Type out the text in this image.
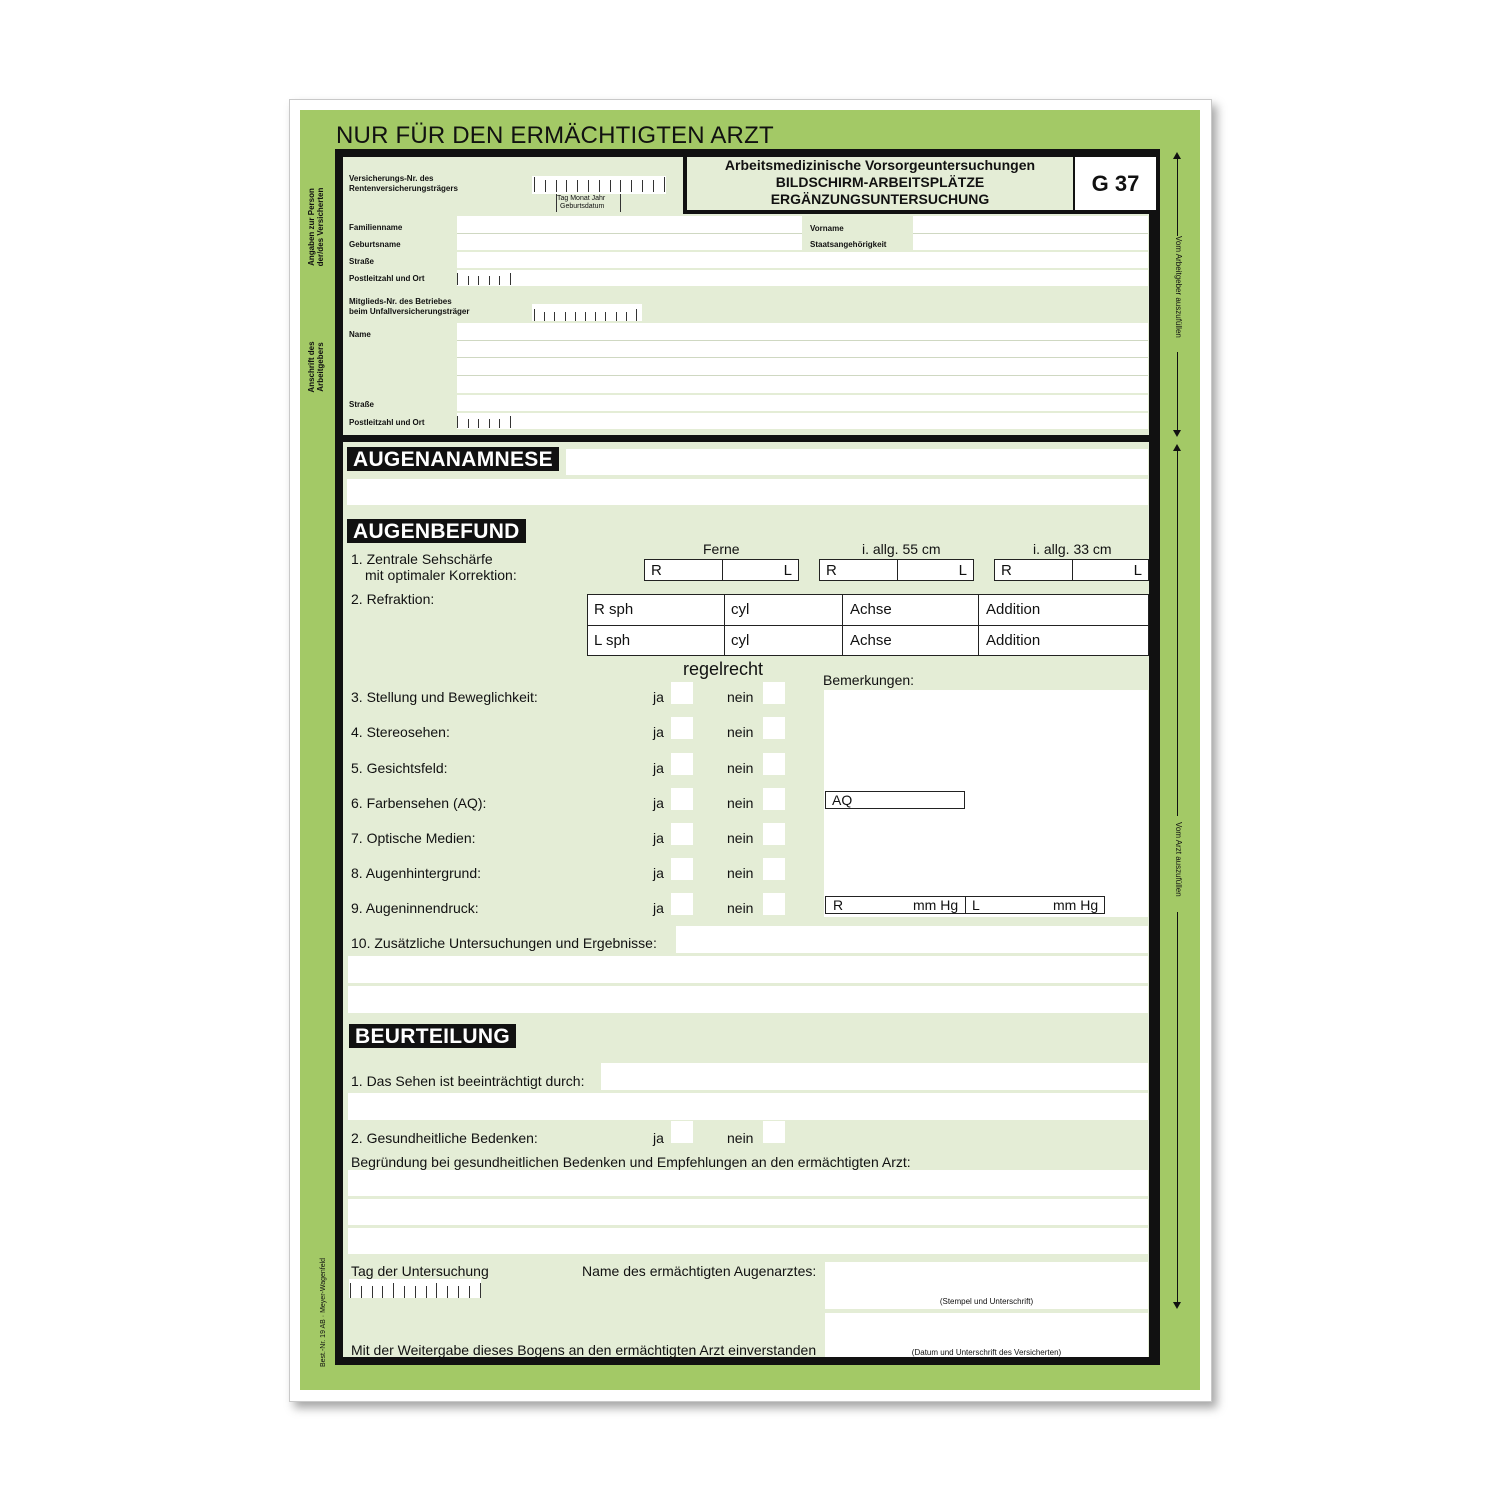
NUR FÜR DEN ERMÄCHTIGTEN ARZT
Angaben zur Person der/des Versicherten
Anschrift des Arbeitgebers
Vom Arbeitgeber auszufüllen
Vom Arzt auszufüllen
Best.-Nr. 19 AB · Meyer-Wagenfeld
Arbeitsmedizinische Vorsorgeuntersuchungen
BILDSCHIRM-ARBEITSPLÄTZE
ERGÄNZUNGSUNTERSUCHUNG
G 37
Versicherungs-Nr. des Rentenversicherungsträgers
Tag Monat Jahr
Geburtsdatum
Familienname	Vorname
Geburtsname	Staatsangehörigkeit
Straße
Postleitzahl und Ort
Mitglieds-Nr. des Betriebes
beim Unfallversicherungsträger
Name
Straße
Postleitzahl und Ort
AUGENANAMNESE
AUGENBEFUND
1. Zentrale Sehschärfe
mit optimaler Korrektion:
Ferne	i. allg. 55 cm	i. allg. 33 cm
R	L R	L R	L
2. Refraktion:
R sph	cyl	Achse	Addition
L sph	cyl	Achse	Addition
regelrecht
Bemerkungen:
AQ
R	mm Hg L	mm Hg
3. Stellung und Beweglichkeit:	ja	nein
4. Stereosehen:	ja	nein
5. Gesichtsfeld:	ja	nein
6. Farbensehen (AQ):	ja	nein
7. Optische Medien:	ja	nein
8. Augenhintergrund:	ja	nein
9. Augeninnendruck:	ja	nein
10. Zusätzliche Untersuchungen und Ergebnisse:
BEURTEILUNG
1. Das Sehen ist beeinträchtigt durch:
2. Gesundheitliche Bedenken:	ja	nein
Begründung bei gesundheitlichen Bedenken und Empfehlungen an den ermächtigten Arzt:
Tag der Untersuchung	Name des ermächtigten Augenarztes:
(Stempel und Unterschrift)
Mit der Weitergabe dieses Bogens an den ermächtigten Arzt einverstanden	(Datum und Unterschrift des Versicherten)
